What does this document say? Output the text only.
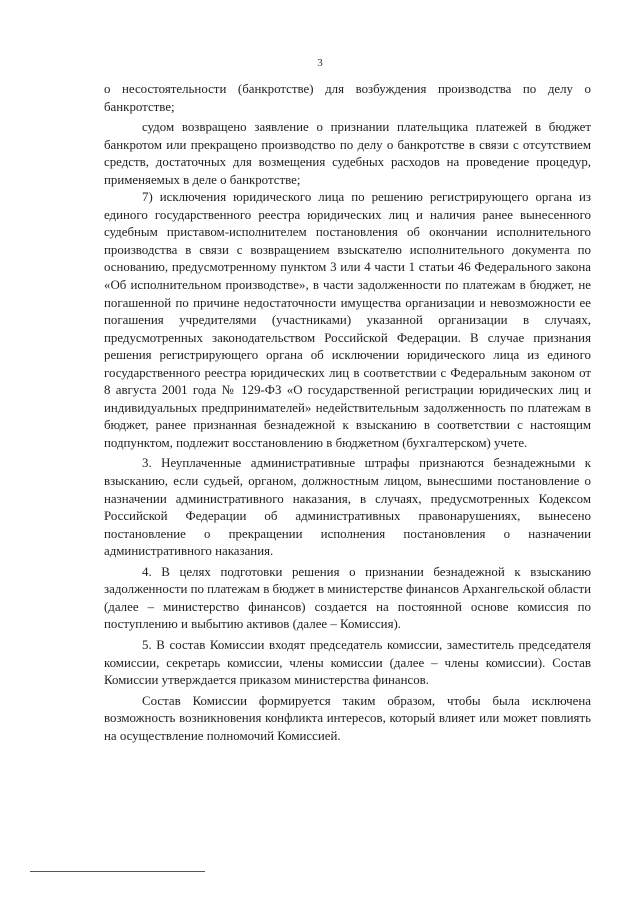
3

о несостоятельности (банкротстве) для возбуждения производства по делу о банкротстве;

судом возвращено заявление о признании плательщика платежей в бюджет банкротом или прекращено производство по делу о банкротстве в связи с отсутствием средств, достаточных для возмещения судебных расходов на проведение процедур, применяемых в деле о банкротстве;

7) исключения юридического лица по решению регистрирующего органа из единого государственного реестра юридических лиц и наличия ранее вынесенного судебным приставом-исполнителем постановления об окончании исполнительного производства в связи с возвращением взыскателю исполнительного документа по основанию, предусмотренному пунктом 3 или 4 части 1 статьи 46 Федерального закона «Об исполнительном производстве», в части задолженности по платежам в бюджет, не погашенной по причине недостаточности имущества организации и невозможности ее погашения учредителями (участниками) указанной организации в случаях, предусмотренных законодательством Российской Федерации. В случае признания решения регистрирующего органа об исключении юридического лица из единого государственного реестра юридических лиц в соответствии с Федеральным законом от 8 августа 2001 года № 129-ФЗ «О государственной регистрации юридических лиц и индивидуальных предпринимателей» недействительным задолженность по платежам в бюджет, ранее признанная безнадежной к взысканию в соответствии с настоящим подпунктом, подлежит восстановлению в бюджетном (бухгалтерском) учете.

3. Неуплаченные административные штрафы признаются безнадежными к взысканию, если судьей, органом, должностным лицом, вынесшими постановление о назначении административного наказания, в случаях, предусмотренных Кодексом Российской Федерации об административных правонарушениях, вынесено постановление о прекращении исполнения постановления о назначении административного наказания.

4. В целях подготовки решения о признании безнадежной к взысканию задолженности по платежам в бюджет в министерстве финансов Архангельской области (далее – министерство финансов) создается на постоянной основе комиссия по поступлению и выбытию активов (далее – Комиссия).

5. В состав Комиссии входят председатель комиссии, заместитель председателя комиссии, секретарь комиссии, члены комиссии (далее – члены комиссии). Состав Комиссии утверждается приказом министерства финансов.

Состав Комиссии формируется таким образом, чтобы была исключена возможность возникновения конфликта интересов, который влияет или может повлиять на осуществление полномочий Комиссией.
